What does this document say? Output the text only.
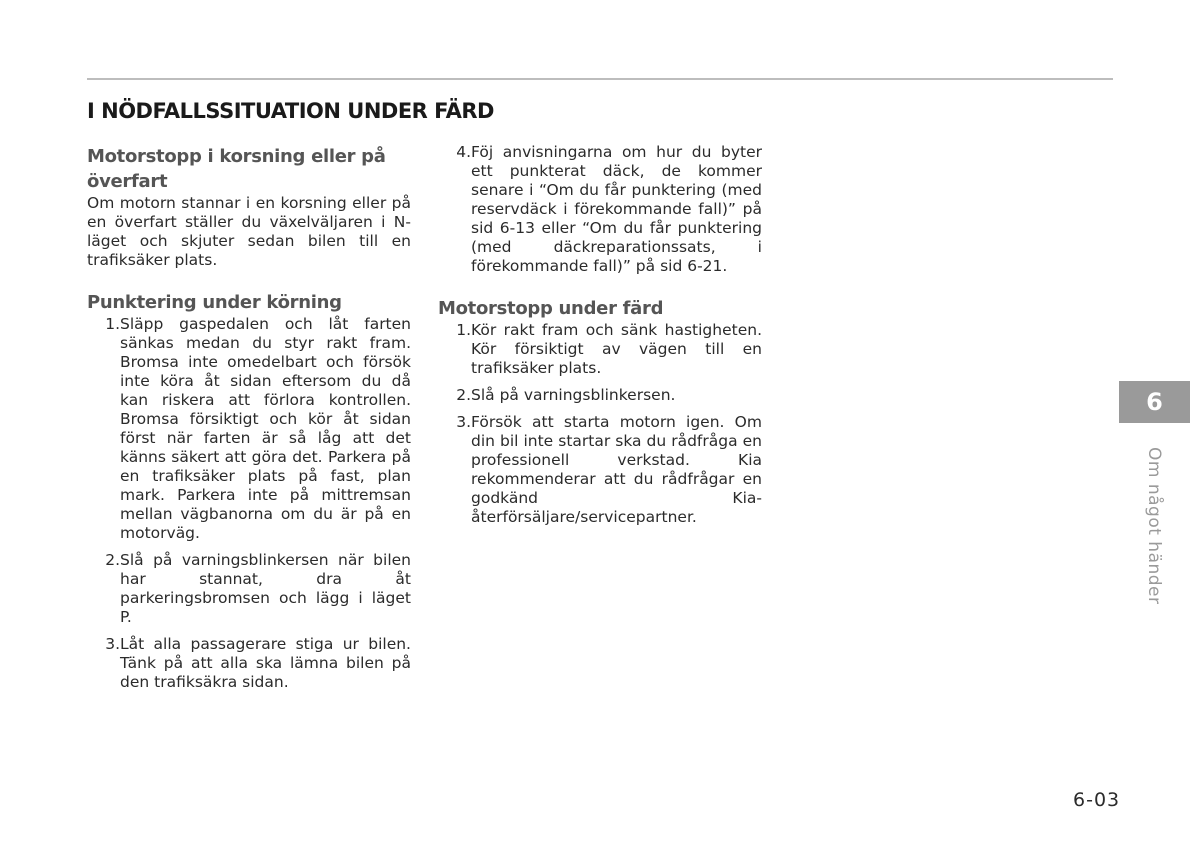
I NÖDFALLSSITUATION UNDER FÄRD
Motorstopp i korsning eller på överfart

Om motorn stannar i en korsning eller på en överfart ställer du växelväljaren i N-läget och skjuter sedan bilen till en trafiksäker plats.

Punktering under körning
1. Släpp gaspedalen och låt farten sänkas medan du styr rakt fram. Bromsa inte omedelbart och försök inte köra åt sidan eftersom du då kan riskera att förlora kontrollen. Bromsa försiktigt och kör åt sidan först när farten är så låg att det känns säkert att göra det. Parkera på en trafiksäker plats på fast, plan mark. Parkera inte på mittremsan mellan vägbanorna om du är på en motorväg.
2. Slå på varningsblinkersen när bilen har stannat, dra åt parkeringsbromsen och lägg i läget P.
3. Låt alla passagerare stiga ur bilen. Tänk på att alla ska lämna bilen på den trafiksäkra sidan.
4. Föj anvisningarna om hur du byter ett punkterat däck, de kommer senare i “Om du får punktering (med reservdäck i förekommande fall)” på sid 6-13 eller “Om du får punktering (med däckreparationssats, i förekommande fall)” på sid 6-21.
Motorstopp under färd
1. Kör rakt fram och sänk hastigheten. Kör försiktigt av vägen till en trafiksäker plats.
2. Slå på varningsblinkersen.
3. Försök att starta motorn igen. Om din bil inte startar ska du rådfråga en professionell verkstad. Kia rekommenderar att du rådfrågar en godkänd Kia-återförsäljare/servicepartner.
6
Om något händer
6-03
